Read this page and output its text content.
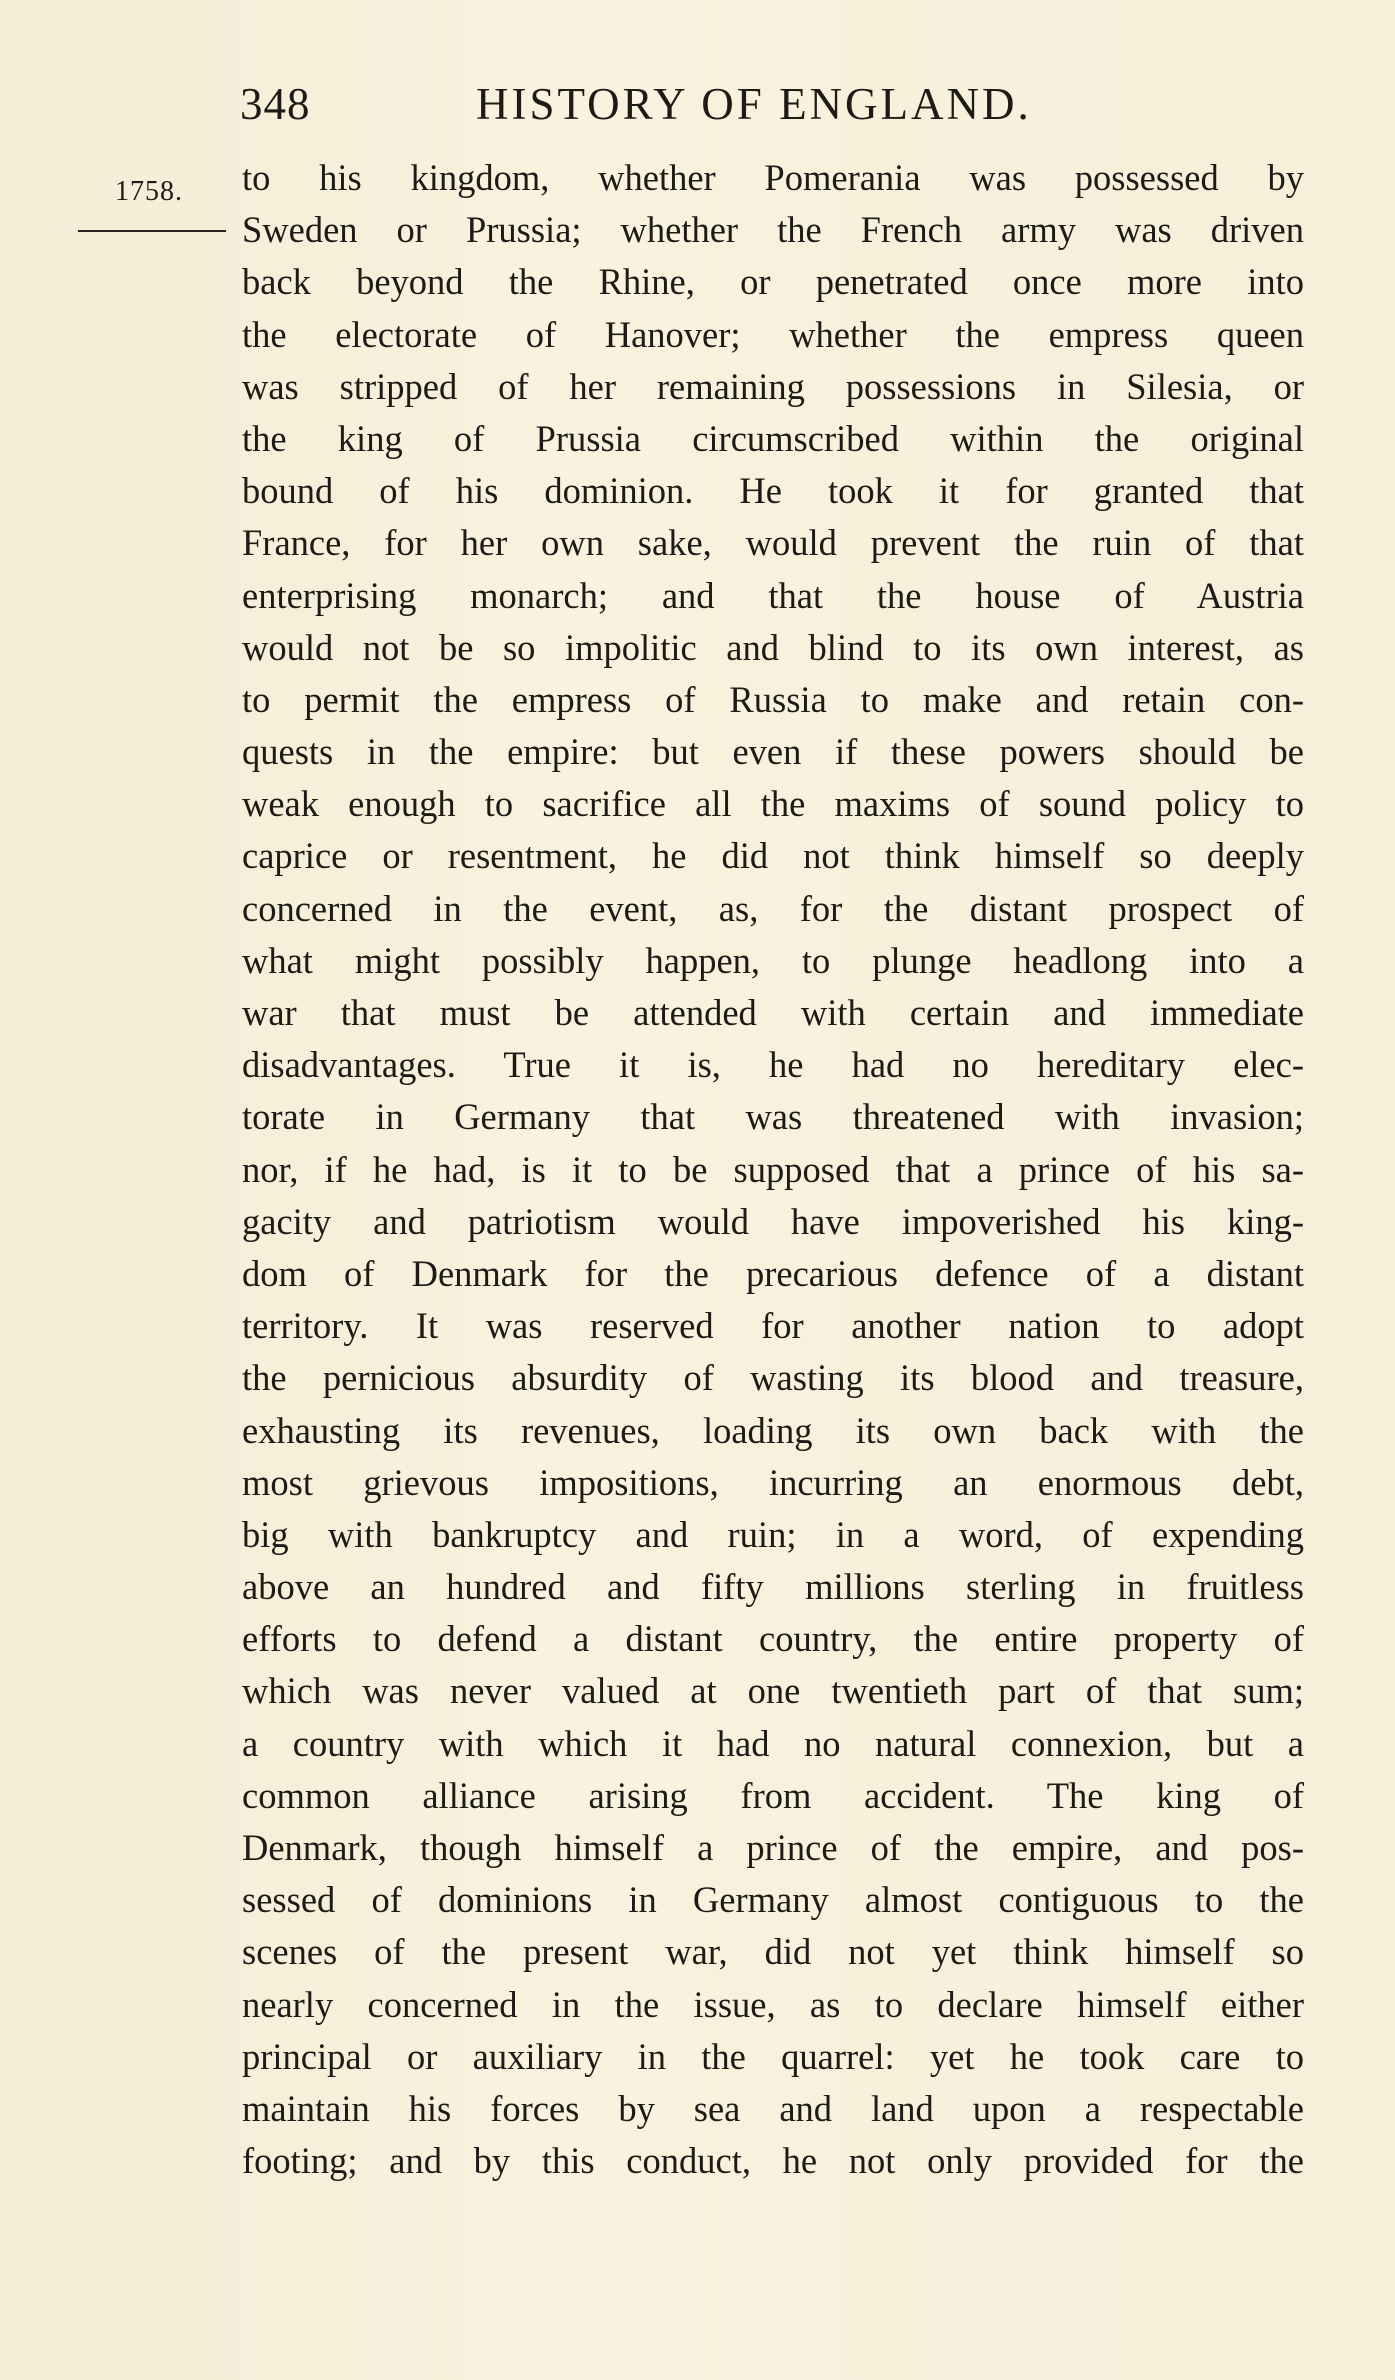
348	HISTORY OF ENGLAND.
1758. to his kingdom, whether Pomerania was possessed by
Sweden or Prussia; whether the French army was driven
back beyond the Rhine, or penetrated once more into
the electorate of Hanover; whether the empress queen
was stripped of her remaining possessions in Silesia, or
the king of Prussia circumscribed within the original
bound of his dominion. He took it for granted that
France, for her own sake, would prevent the ruin of that
enterprising monarch; and that the house of Austria
would not be so impolitic and blind to its own interest, as
to permit the empress of Russia to make and retain con-
quests in the empire: but even if these powers should be
weak enough to sacrifice all the maxims of sound policy to
caprice or resentment, he did not think himself so deeply
concerned in the event, as, for the distant prospect of
what might possibly happen, to plunge headlong into a
war that must be attended with certain and immediate
disadvantages. True it is, he had no hereditary elec-
torate in Germany that was threatened with invasion;
nor, if he had, is it to be supposed that a prince of his sa-
gacity and patriotism would have impoverished his king-
dom of Denmark for the precarious defence of a distant
territory. It was reserved for another nation to adopt
the pernicious absurdity of wasting its blood and treasure,
exhausting its revenues, loading its own back with the
most grievous impositions, incurring an enormous debt,
big with bankruptcy and ruin; in a word, of expending
above an hundred and fifty millions sterling in fruitless
efforts to defend a distant country, the entire property of
which was never valued at one twentieth part of that sum;
a country with which it had no natural connexion, but a
common alliance arising from accident. The king of
Denmark, though himself a prince of the empire, and pos-
sessed of dominions in Germany almost contiguous to the
scenes of the present war, did not yet think himself so
nearly concerned in the issue, as to declare himself either
principal or auxiliary in the quarrel: yet he took care to
maintain his forces by sea and land upon a respectable
footing; and by this conduct, he not only provided for the
